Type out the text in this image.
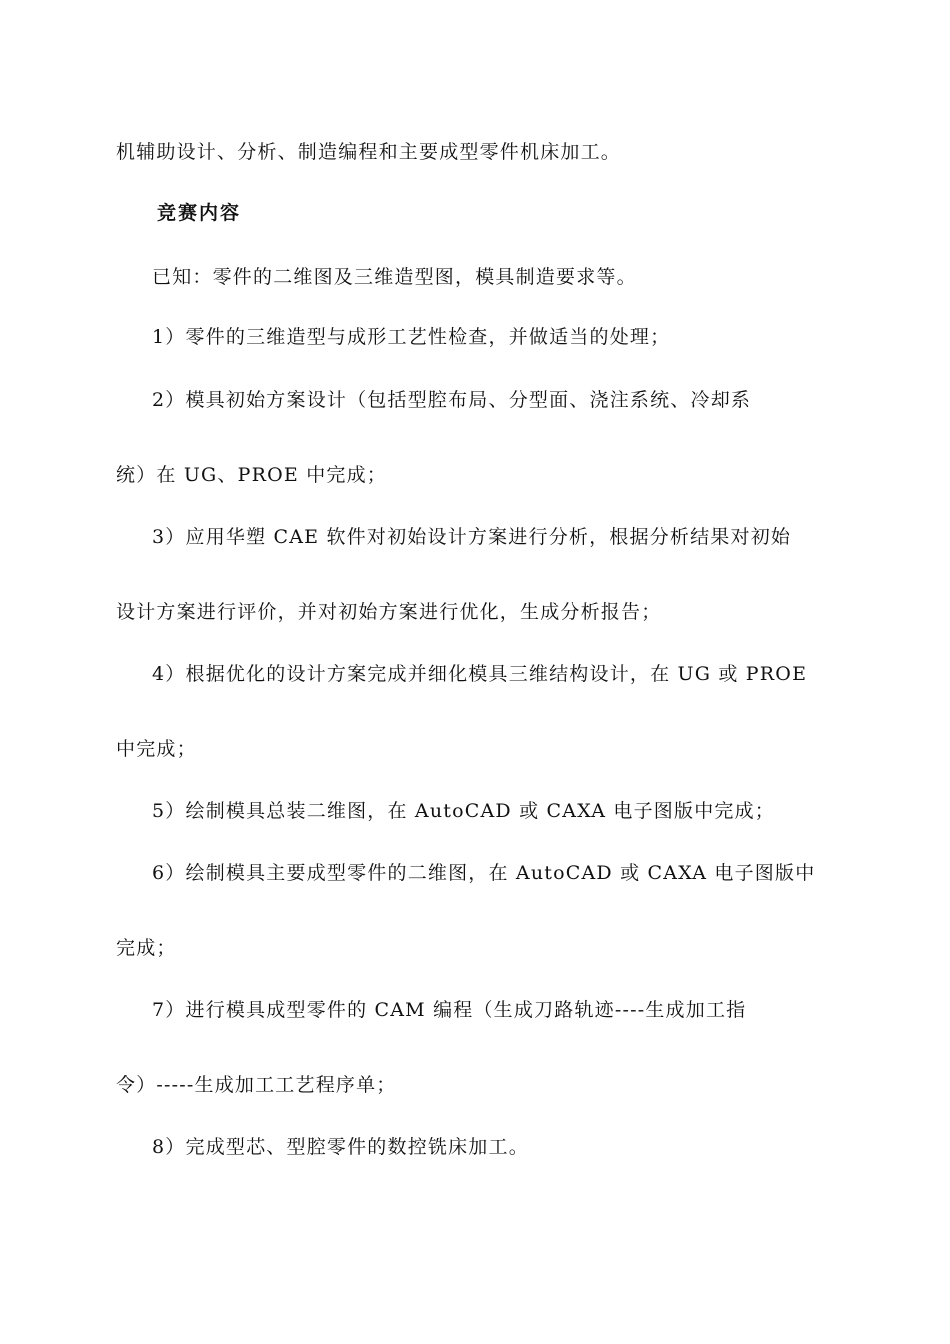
机辅助设计、分析、制造编程和主要成型零件机床加工。
竞赛内容
已知：零件的二维图及三维造型图，模具制造要求等。
1）零件的三维造型与成形工艺性检查，并做适当的处理；
2）模具初始方案设计（包括型腔布局、分型面、浇注系统、冷却系
统）在 UG、PROE 中完成；
3）应用华塑 CAE 软件对初始设计方案进行分析，根据分析结果对初始
设计方案进行评价，并对初始方案进行优化，生成分析报告；
4）根据优化的设计方案完成并细化模具三维结构设计，在 UG 或 PROE
中完成；
5）绘制模具总装二维图，在 AutoCAD 或 CAXA 电子图版中完成；
6）绘制模具主要成型零件的二维图，在 AutoCAD 或 CAXA 电子图版中
完成；
7）进行模具成型零件的 CAM 编程（生成刀路轨迹----生成加工指
令）-----生成加工工艺程序单；
8）完成型芯、型腔零件的数控铣床加工。
